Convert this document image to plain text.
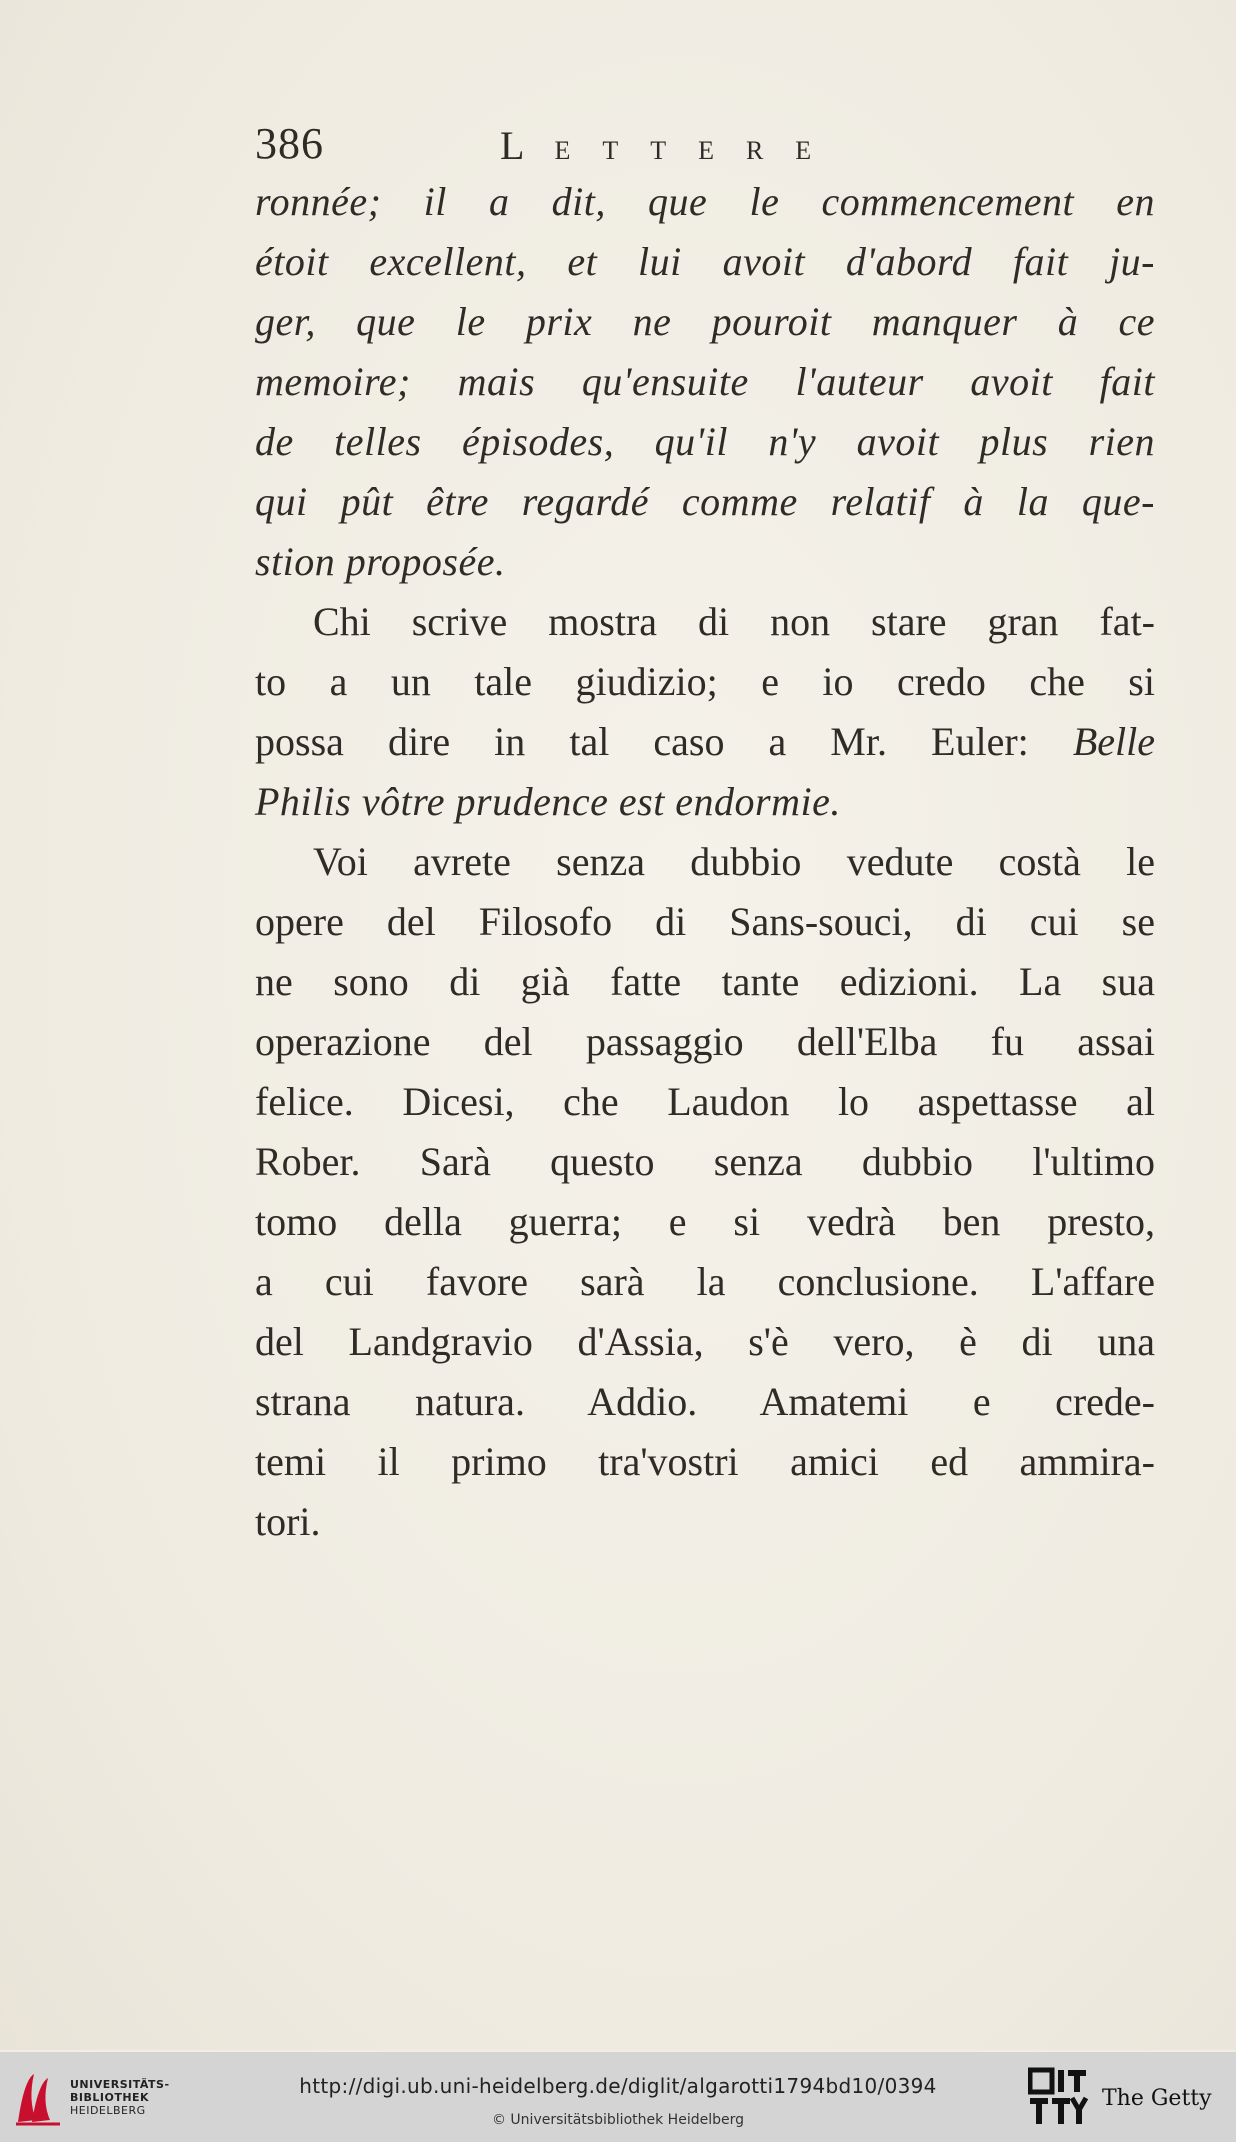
386	LETTERE
ronnée; il a dit, que le commencement en
étoit excellent, et lui avoit d'abord fait ju-
ger, que le prix ne pouroit manquer à ce
memoire; mais qu'ensuite l'auteur avoit fait
de telles épisodes, qu'il n'y avoit plus rien
qui pût être regardé comme relatif à la que-
stion proposée.
Chi scrive mostra di non stare gran fat-
to a un tale giudizio; e io credo che si
possa dire in tal caso a Mr. Euler: Belle
Philis vôtre prudence est endormie.
Voi avrete senza dubbio vedute costà le
opere del Filosofo di Sans-souci, di cui se
ne sono di già fatte tante edizioni. La sua
operazione del passaggio dell'Elba fu assai
felice. Dicesi, che Laudon lo aspettasse al
Rober. Sarà questo senza dubbio l'ultimo
tomo della guerra; e si vedrà ben presto,
a cui favore sarà la conclusione. L'affare
del Landgravio d'Assia, s'è vero, è di una
strana natura. Addio. Amatemi e crede-
temi il primo tra'vostri amici ed ammira-
tori.
UNIVERSITÄTS-
BIBLIOTHEK
HEIDELBERG
http://digi.ub.uni-heidelberg.de/diglit/algarotti1794bd10/0394
© Universitätsbibliothek Heidelberg
The Getty
